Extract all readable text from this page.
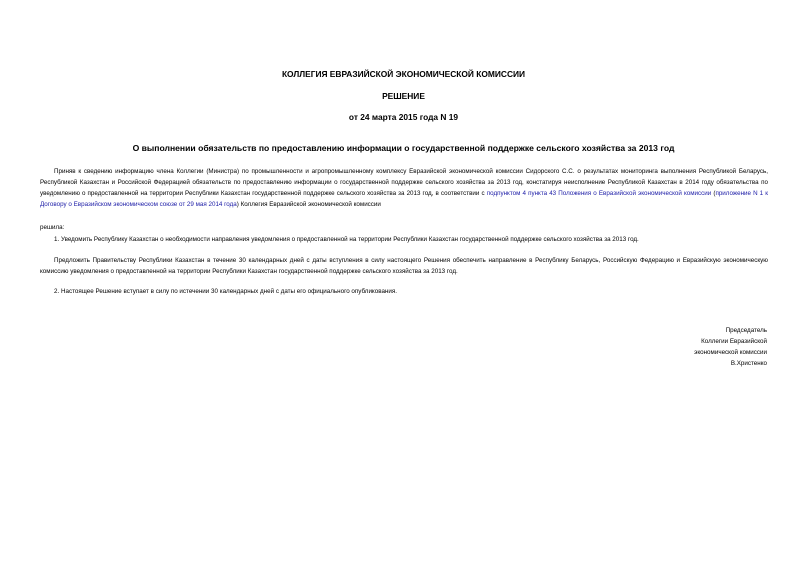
КОЛЛЕГИЯ ЕВРАЗИЙСКОЙ ЭКОНОМИЧЕСКОЙ КОМИССИИ
РЕШЕНИЕ
от 24 марта 2015 года N 19
О выполнении обязательств по предоставлению информации о государственной поддержке сельского хозяйства за 2013 год

Приняв к сведению информацию члена Коллегии (Министра) по промышленности и агропромышленному комплексу Евразийской экономической комиссии Сидорского С.С. о результатах мониторинга выполнения Республикой Беларусь, Республикой Казахстан и Российской Федерацией обязательств по предоставлению информации о государственной поддержке сельского хозяйства за 2013 год, констатируя неисполнение Республикой Казахстан в 2014 году обязательства по уведомлению о предоставленной на территории Республики Казахстан государственной поддержке сельского хозяйства за 2013 год, в соответствии с подпунктом 4 пункта 43 Положения о Евразийской экономической комиссии (приложение N 1 к Договору о Евразийском экономическом союзе от 29 мая 2014 года) Коллегия Евразийской экономической комиссии

решила:

1. Уведомить Республику Казахстан о необходимости направления уведомления о предоставленной на территории Республики Казахстан государственной поддержке сельского хозяйства за 2013 год.

Предложить Правительству Республики Казахстан в течение 30 календарных дней с даты вступления в силу настоящего Решения обеспечить направление в Республику Беларусь, Российскую Федерацию и Евразийскую экономическую комиссию уведомления о предоставленной на территории Республики Казахстан государственной поддержке сельского хозяйства за 2013 год.

2. Настоящее Решение вступает в силу по истечении 30 календарных дней с даты его официального опубликования.

Председатель
Коллегии Евразийской
экономической комиссии
В.Христенко
